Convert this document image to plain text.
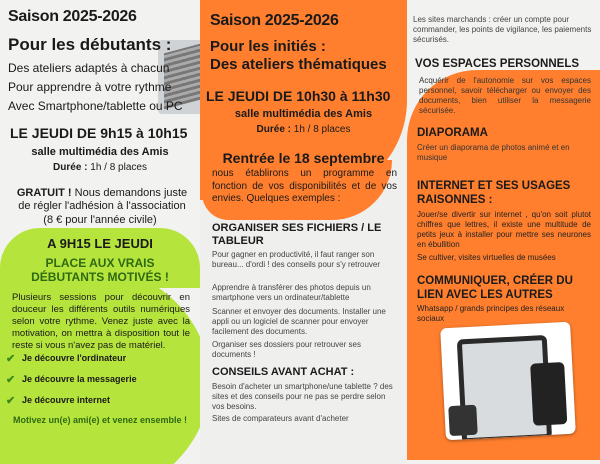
Saison 2025-2026

Pour les débutants :

Des ateliers adaptés à chacun

Pour apprendre à votre rythme

Avec Smartphone/tablette ou PC

LE JEUDI DE 9h15 à 10h15

salle multimédia des Amis

Durée : 1h / 8 places

GRATUIT ! Nous demandons juste de régler l'adhésion à l'association

(8 € pour l'année civile)

A 9H15 LE JEUDI

PLACE AUX VRAIS DÉBUTANTS MOTIVÉS !

Plusieurs sessions pour découvrir en douceur les différents outils numériques selon votre rythme. Venez juste avec la motivation, on mettra à disposition tout le reste si vous n'avez pas de matériel.

✔ Je découvre l'ordinateur
✔ Je découvre la messagerie
✔ Je découvre internet

Motivez un(e) ami(e) et venez ensemble !

Saison 2025-2026

Pour les initiés :

Des ateliers thématiques

LE JEUDI DE 10h30 à 11h30

salle multimédia des Amis

Durée : 1h / 8 places

Rentrée le 18 septembre

nous établirons un programme en fonction de vos disponibilités et de vos envies. Quelques exemples :

ORGANISER SES FICHIERS / LE TABLEUR

Pour gagner en productivité, il faut ranger son bureau... d'ordi ! des conseils pour s'y retrouver

Apprendre à transférer des photos depuis un smartphone vers un ordinateur/tablette

Scanner et envoyer des documents. Installer une appli ou un logiciel de scanner pour envoyer facilement des documents.

Organiser ses dossiers pour retrouver ses documents !

CONSEILS AVANT ACHAT :

Besoin d'acheter un smartphone/une tablette ? des sites et des conseils pour ne pas se perdre selon vos besoins.

Sites de comparateurs avant d'acheter

Les sites marchands : créer un compte pour commander, les points de vigilance, les paiements sécurisés.

VOS ESPACES PERSONNELS

Acquérir de l'autonomie sur vos espaces personnel, savoir télécharger ou envoyer des documents, bien utiliser la messagerie sécurisée.

DIAPORAMA

Créer un diaporama de photos animé et en musique

INTERNET ET SES USAGES RAISONNES :

Jouer/se divertir sur internet , qu'on soit plutot chiffres que lettres, il existe une multitude de petits jeux à installer pour mettre ses neurones en ébullition

Se cultiver, visites virtuelles de musées

COMMUNIQUER, CRÉER DU LIEN AVEC LES AUTRES

Whatsapp / grands principes des réseaux sociaux
